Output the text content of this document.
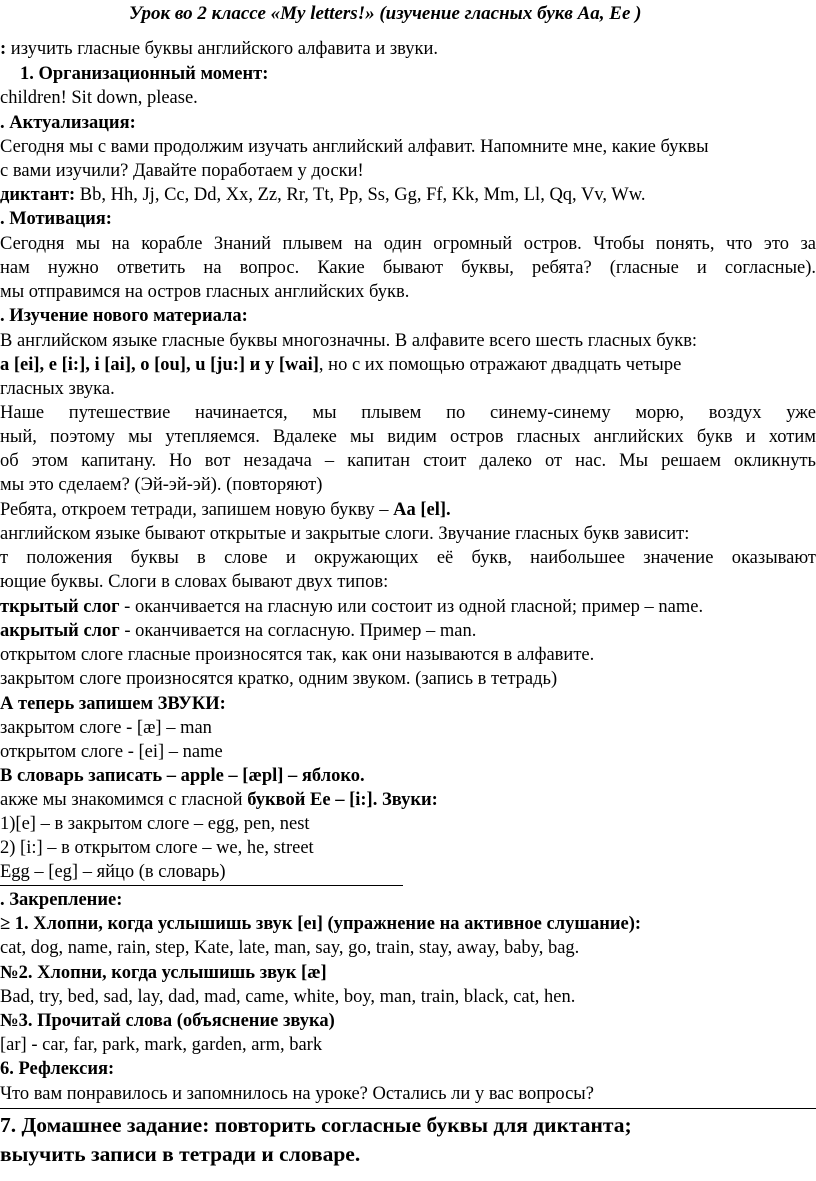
Урок во 2 классе «My letters!» (изучение гласных букв Aa, Ee )
: изучить гласные буквы английского алфавита и звуки.
1. Организационный момент:
children! Sit down, please.
. Актуализация:
Сегодня мы с вами продолжим изучать английский алфавит. Напомните мне, какие буквы
с вами изучили? Давайте поработаем у доски!
диктант: Bb, Hh, Jj, Cc, Dd, Xx, Zz, Rr, Tt, Pp, Ss, Gg, Ff, Kk, Mm, Ll, Qq, Vv, Ww.
. Мотивация:
Сегодня мы на корабле Знаний плывем на один огромный остров. Чтобы понять, что это за
нам нужно ответить на вопрос. Какие бывают буквы, ребята? (гласные и согласные).
мы отправимся на остров гласных английских букв.
. Изучение нового материала:
В английском языке гласные буквы многозначны. В алфавите всего шесть гласных букв:
a [ei], e [i:], i [ai], o [ou], u [ju:] и y [wai], но с их помощью отражают двадцать четыре
гласных звука.
Наше путешествие начинается, мы плывем по синему-синему морю, воздух уже
ный, поэтому мы утепляемся. Вдалеке мы видим остров гласных английских букв и хотим
об этом капитану. Но вот незадача – капитан стоит далеко от нас. Мы решаем окликнуть
мы это сделаем? (Эй-эй-эй). (повторяют)
Ребята, откроем тетради, запишем новую букву – Aa [el].
английском языке бывают открытые и закрытые слоги. Звучание гласных букв зависит:
т положения буквы в слове и окружающих её букв, наибольшее значение оказывают
ющие буквы. Слоги в словах бывают двух типов:
ткрытый слог - оканчивается на гласную или состоит из одной гласной; пример – name.
акрытый слог - оканчивается на согласную. Пример – man.
открытом слоге гласные произносятся так, как они называются в алфавите.
закрытом слоге произносятся кратко, одним звуком. (запись в тетрадь)
А теперь запишем ЗВУКИ:
закрытом слоге - [æ] – man
открытом слоге - [ei] – name
В словарь записать – apple – [æpl] – яблоко.
акже мы знакомимся с гласной буквой Ee – [i:]. Звуки:
1)[e] – в закрытом слоге – egg, pen, nest
2) [i:] – в открытом слоге – we, he, street
Egg – [eg] – яйцо (в словарь)
. Закрепление:
≥ 1. Хлопни, когда услышишь звук [eı] (упражнение на активное слушание):
cat, dog, name, rain, step, Kate, late, man, say, go, train, stay, away, baby, bag.
№2. Хлопни, когда услышишь звук [æ]
Bad, try, bed, sad, lay, dad, mad, came, white, boy, man, train, black, cat, hen.
№3. Прочитай слова (объяснение звука)
[ar] - car, far, park, mark, garden, arm, bark
6. Рефлексия:
Что вам понравилось и запомнилось на уроке? Остались ли у вас вопросы?
7. Домашнее задание: повторить согласные буквы для диктанта;
выучить записи в тетради и словаре.
